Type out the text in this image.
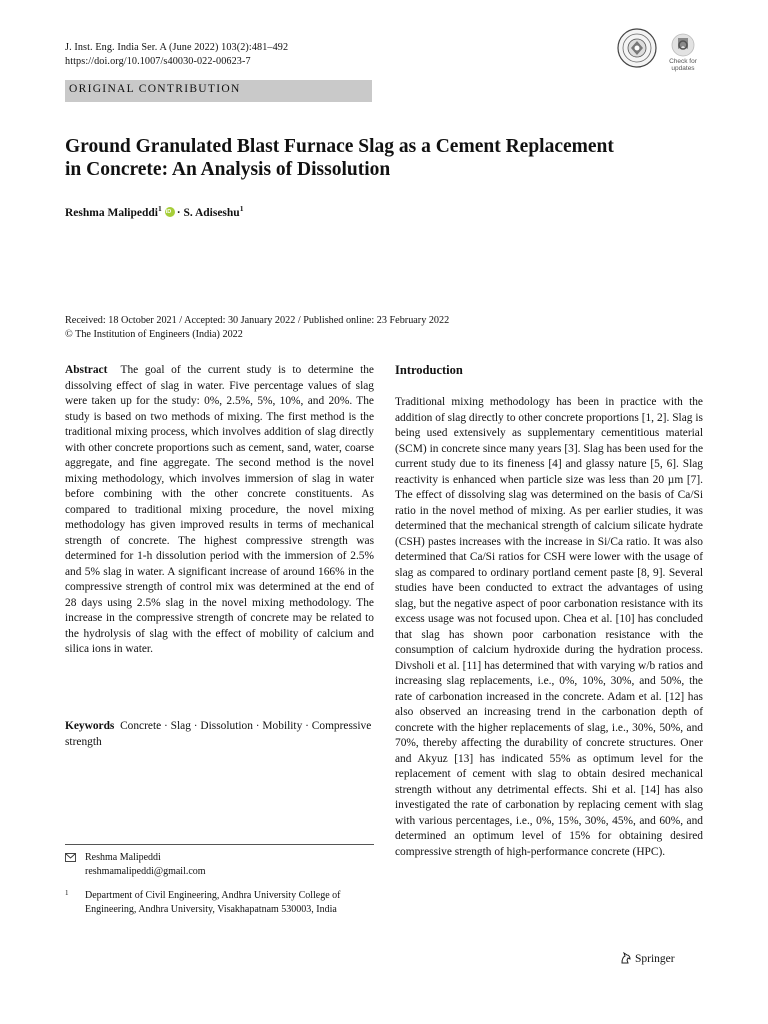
J. Inst. Eng. India Ser. A (June 2022) 103(2):481–492
https://doi.org/10.1007/s40030-022-00623-7	Check for
updates
ORIGINAL CONTRIBUTION
Ground Granulated Blast Furnace Slag as a Cement Replacement
in Concrete: An Analysis of Dissolution
Reshma Malipeddi$^1$iD · S. Adiseshu$^1$
Received: 18 October 2021 / Accepted: 30 January 2022 / Published online: 23 February 2022
© The Institution of Engineers (India) 2022
Abstract The goal of the current study is to determine the dissolving effect of slag in water. Five percentage values of slag were taken up for the study: 0%, 2.5%, 5%, 10%, and 20%. The study is based on two methods of mixing. The first method is the traditional mixing process, which involves addition of slag directly with other concrete proportions such as cement, sand, water, coarse aggregate, and fine aggregate. The second method is the novel mixing methodology, which involves immersion of slag in water before combining with the other concrete constituents. As compared to traditional mixing procedure, the novel mixing methodology has given improved results in terms of mechanical strength of concrete. The highest compressive strength was determined for 1-h dissolution period with the immersion of 2.5% and 5% slag in water. A significant increase of around 166% in the compressive strength of control mix was determined at the end of 28 days using 2.5% slag in the novel mixing methodology. The increase in the compressive strength of concrete may be related to the hydrolysis of slag with the effect of mobility of calcium and silica ions in water.
Keywords Concrete · Slag · Dissolution · Mobility · Compressive strength
Reshma Malipeddi
reshmamalipeddi@gmail.com
1 Department of Civil Engineering, Andhra University College of Engineering, Andhra University, Visakhapatnam 530003, India
Introduction
Traditional mixing methodology has been in practice with the addition of slag directly to other concrete proportions [1, 2]. Slag is being used extensively as supplementary cementitious material (SCM) in concrete since many years [3]. Slag has been used for the current study due to its fineness [4] and glassy nature [5, 6]. Slag reactivity is enhanced when particle size was less than 20 µm [7]. The effect of dissolving slag was determined on the basis of Ca/Si ratio in the novel method of mixing. As per earlier studies, it was determined that the mechanical strength of calcium silicate hydrate (CSH) pastes increases with the increase in Si/Ca ratio. It was also determined that Ca/Si ratios for CSH were lower with the usage of slag as compared to ordinary portland cement paste [8, 9]. Several studies have been conducted to extract the advantages of using slag, but the negative aspect of poor carbonation resistance with its excess usage was not focused upon. Chea et al. [10] has concluded that slag has shown poor carbonation resistance with the consumption of calcium hydroxide during the hydration process. Divsholi et al. [11] has determined that with varying w/b ratios and increasing slag replacements, i.e., 0%, 10%, 30%, and 50%, the rate of carbonation increased in the concrete. Adam et al. [12] has also observed an increasing trend in the carbonation depth of concrete with the higher replacements of slag, i.e., 30%, 50%, and 70%, thereby affecting the durability of concrete structures. Oner and Akyuz [13] has indicated 55% as optimum level for the replacement of cement with slag to obtain desired mechanical strength without any detrimental effects. Shi et al. [14] has also investigated the rate of carbonation by replacing cement with slag with various percentages, i.e., 0%, 15%, 30%, 45%, and 60%, and determined an optimum level of 15% for obtaining desired compressive strength of high-performance concrete (HPC).
Springer
